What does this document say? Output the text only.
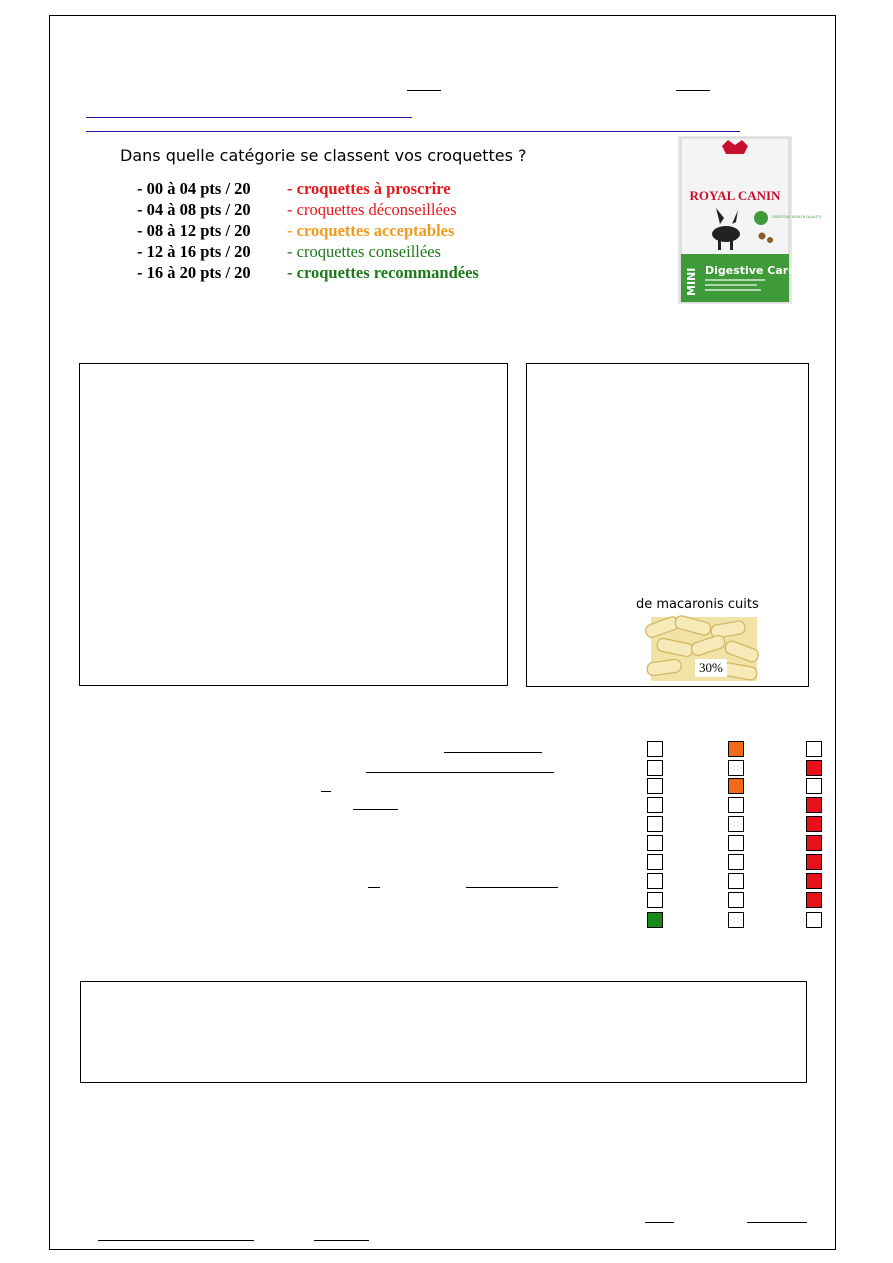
Dans quelle catégorie se classent vos croquettes ?
- 00 à 04 pts / 20 - croquettes à proscrire
- 04 à 08 pts / 20 - croquettes déconseillées
- 08 à 12 pts / 20 - croquettes acceptables
- 12 à 16 pts / 20 - croquettes conseillées
- 16 à 20 pts / 20 - croquettes recommandées
ROYAL CANIN
DIGESTIVE HEALTH QUALITY
MINI Digestive Care
de macaronis cuits
30%
